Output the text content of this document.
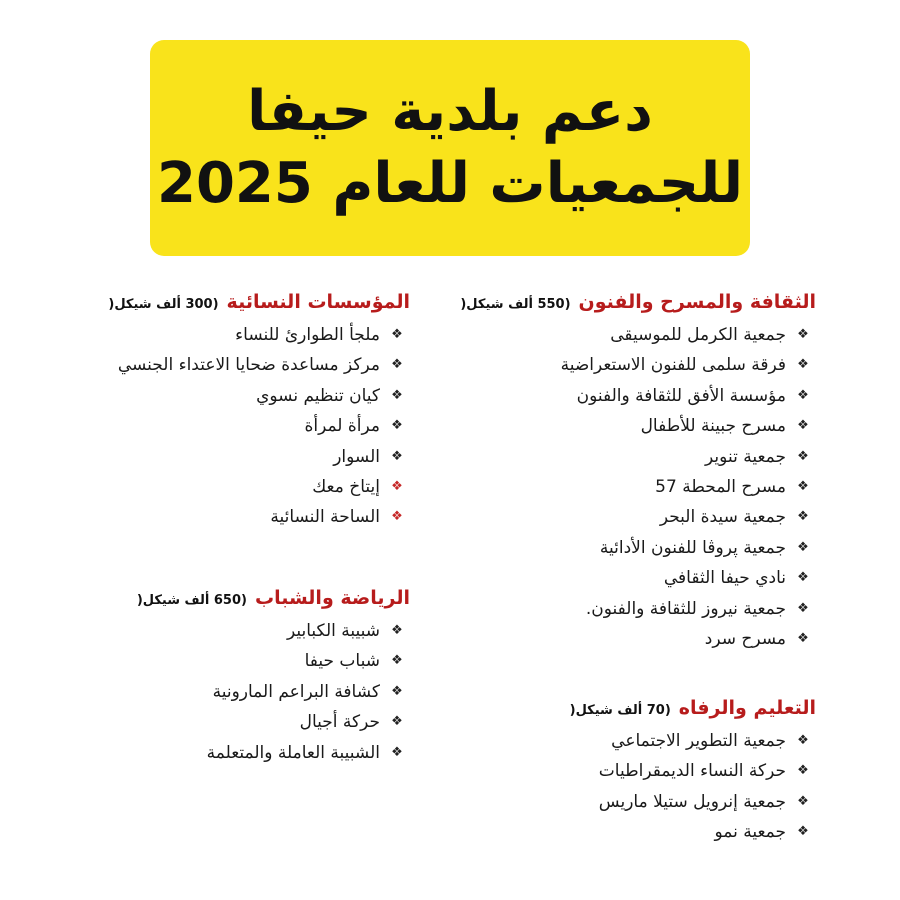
دعم بلدية حيفا
للجمعيات للعام 2025
الثقافة والمسرح والفنون(550 ألف شيكل(
❖
جمعية الكرمل للموسيقى
❖
فرقة سلمى للفنون الاستعراضية
❖
مؤسسة الأفق للثقافة والفنون
❖
مسرح جبينة للأطفال
❖
جمعية تنوير
❖
مسرح المحطة 57
❖
جمعية سيدة البحر
❖
جمعية پروڤا للفنون الأدائية
❖
نادي حيفا الثقافي
❖
جمعية نيروز للثقافة والفنون.
❖
مسرح سرد
المؤسسات النسائية(300 ألف شيكل(
❖
ملجأ الطوارئ للنساء
❖
مركز مساعدة ضحايا الاعتداء الجنسي
❖
كيان تنظيم نسوي
❖
مرأة لمرأة
❖
السوار
❖
إيتاخ معك
❖
الساحة النسائية
الرياضة والشباب(650 ألف شيكل(
❖
شبيبة الكبابير
❖
شباب حيفا
❖
كشافة البراعم المارونية
❖
حركة أجيال
❖
الشبيبة العاملة والمتعلمة
التعليم والرفاه(70 ألف شيكل(
❖
جمعية التطوير الاجتماعي
❖
حركة النساء الديمقراطيات
❖
جمعية إنرويل ستيلا ماريس
❖
جمعية نمو
